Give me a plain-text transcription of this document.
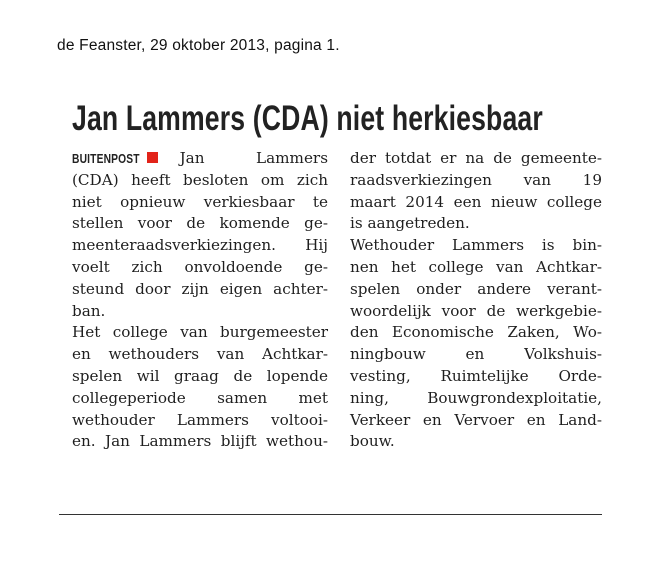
de Feanster, 29 oktober 2013, pagina 1.
Jan Lammers (CDA) niet herkiesbaar
BUITENPOST	Jan Lammers
(CDA) heeft besloten om zich
niet opnieuw verkiesbaar te
stellen voor de komende ge-
meenteraadsverkiezingen. Hij
voelt zich onvoldoende ge-
steund door zijn eigen achter-
ban.
Het college van burgemeester
en wethouders van Achtkar-
spelen wil graag de lopende
collegeperiode samen met
wethouder Lammers voltooi-
en. Jan Lammers blijft wethou-
der totdat er na de gemeente-
raadsverkiezingen van 19
maart 2014 een nieuw college
is aangetreden.
Wethouder Lammers is bin-
nen het college van Achtkar-
spelen onder andere verant-
woordelijk voor de werkgebie-
den Economische Zaken, Wo-
ningbouw en Volkshuis-
vesting, Ruimtelijke Orde-
ning, Bouwgrondexploitatie,
Verkeer en Vervoer en Land-
bouw.
